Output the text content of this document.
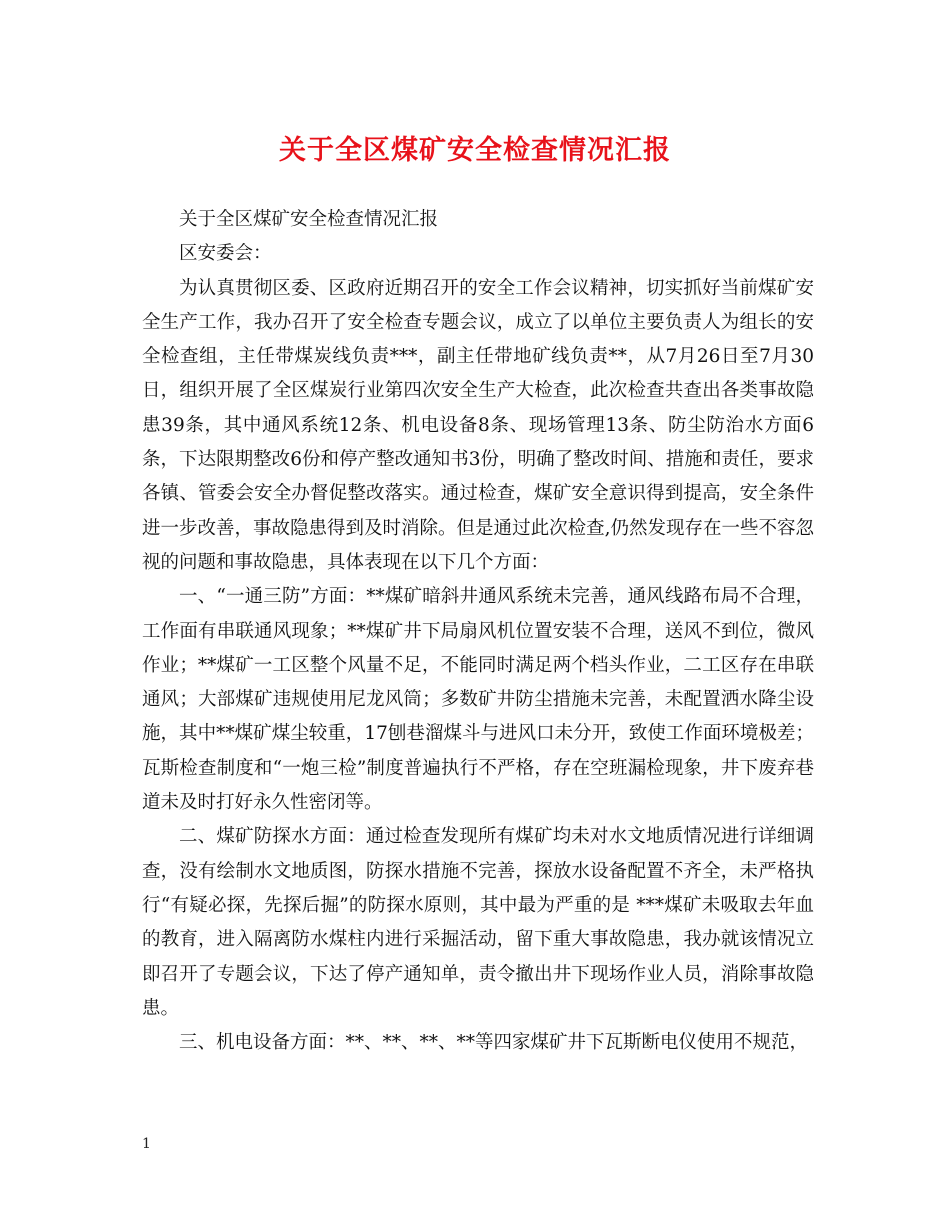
关于全区煤矿安全检查情况汇报

关于全区煤矿安全检查情况汇报

区安委会：

为认真贯彻区委、区政府近期召开的安全工作会议精神，切实抓好当前煤矿安全生产工作，我办召开了安全检查专题会议，成立了以单位主要负责人为组长的安全检查组，主任带煤炭线负责***，副主任带地矿线负责**，从7月26日至7月30日，组织开展了全区煤炭行业第四次安全生产大检查，此次检查共查出各类事故隐患39条，其中通风系统12条、机电设备8条、现场管理13条、防尘防治水方面6条，下达限期整改6份和停产整改通知书3份，明确了整改时间、措施和责任，要求各镇、管委会安全办督促整改落实。通过检查，煤矿安全意识得到提高，安全条件进一步改善，事故隐患得到及时消除。但是通过此次检查,仍然发现存在一些不容忽视的问题和事故隐患，具体表现在以下几个方面：

一、“一通三防”方面：**煤矿暗斜井通风系统未完善，通风线路布局不合理，工作面有串联通风现象；**煤矿井下局扇风机位置安装不合理，送风不到位，微风作业；**煤矿一工区整个风量不足，不能同时满足两个档头作业，二工区存在串联通风；大部煤矿违规使用尼龙风筒；多数矿井防尘措施未完善，未配置洒水降尘设施，其中**煤矿煤尘较重，17刨巷溜煤斗与进风口未分开，致使工作面环境极差；瓦斯检查制度和“一炮三检”制度普遍执行不严格，存在空班漏检现象，井下废弃巷道未及时打好永久性密闭等。

二、煤矿防探水方面：通过检查发现所有煤矿均未对水文地质情况进行详细调查，没有绘制水文地质图，防探水措施不完善，探放水设备配置不齐全，未严格执行“有疑必探，先探后掘”的防探水原则，其中最为严重的是 ***煤矿未吸取去年血的教育，进入隔离防水煤柱内进行采掘活动，留下重大事故隐患，我办就该情况立即召开了专题会议，下达了停产通知单，责令撤出井下现场作业人员，消除事故隐患。

三、机电设备方面：**、**、**、**等四家煤矿井下瓦斯断电仪使用不规范，

1
